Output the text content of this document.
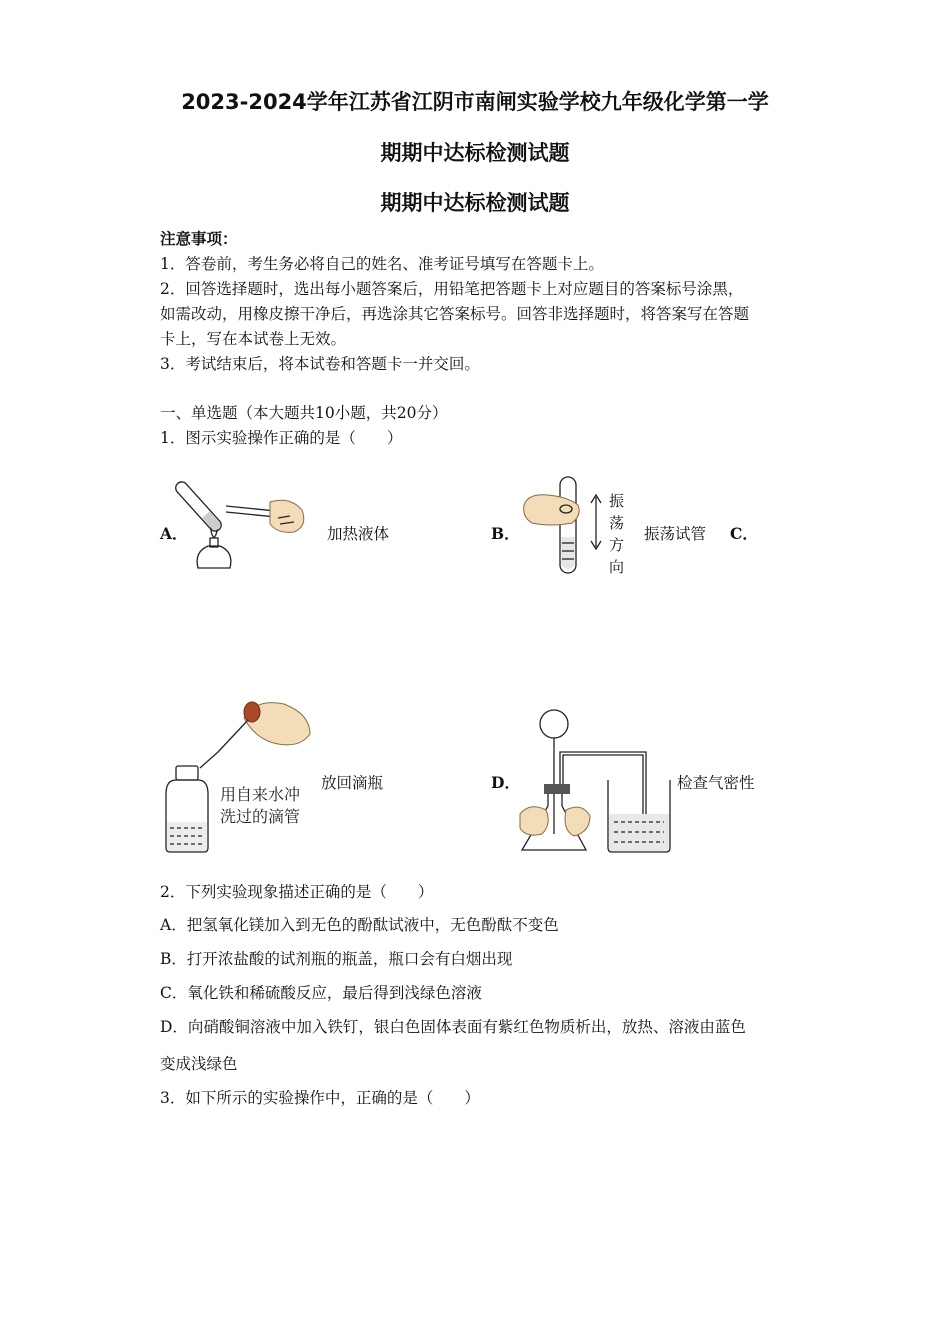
2023-2024学年江苏省江阴市南闸实验学校九年级化学第一学
期期中达标检测试题
期期中达标检测试题
注意事项：
1．答卷前，考生务必将自己的姓名、准考证号填写在答题卡上。
2．回答选择题时，选出每小题答案后，用铅笔把答题卡上对应题目的答案标号涂黑，
如需改动，用橡皮擦干净后，再选涂其它答案标号。回答非选择题时，将答案写在答题
卡上，写在本试卷上无效。
3．考试结束后，将本试卷和答题卡一并交回。
一、单选题（本大题共10小题，共20分）
1．图示实验操作正确的是（　　）
A．	加热液体	B．
振
荡
方
向
振荡试管 C．
用自来水冲
洗过的滴管
放回滴瓶	D．	检查气密性
2．下列实验现象描述正确的是（　　）
A．把氢氧化镁加入到无色的酚酞试液中，无色酚酞不变色
B．打开浓盐酸的试剂瓶的瓶盖，瓶口会有白烟出现
C．氧化铁和稀硫酸反应，最后得到浅绿色溶液
D．向硝酸铜溶液中加入铁钉，银白色固体表面有紫红色物质析出，放热、溶液由蓝色
变成浅绿色
3．如下所示的实验操作中，正确的是（　　）
